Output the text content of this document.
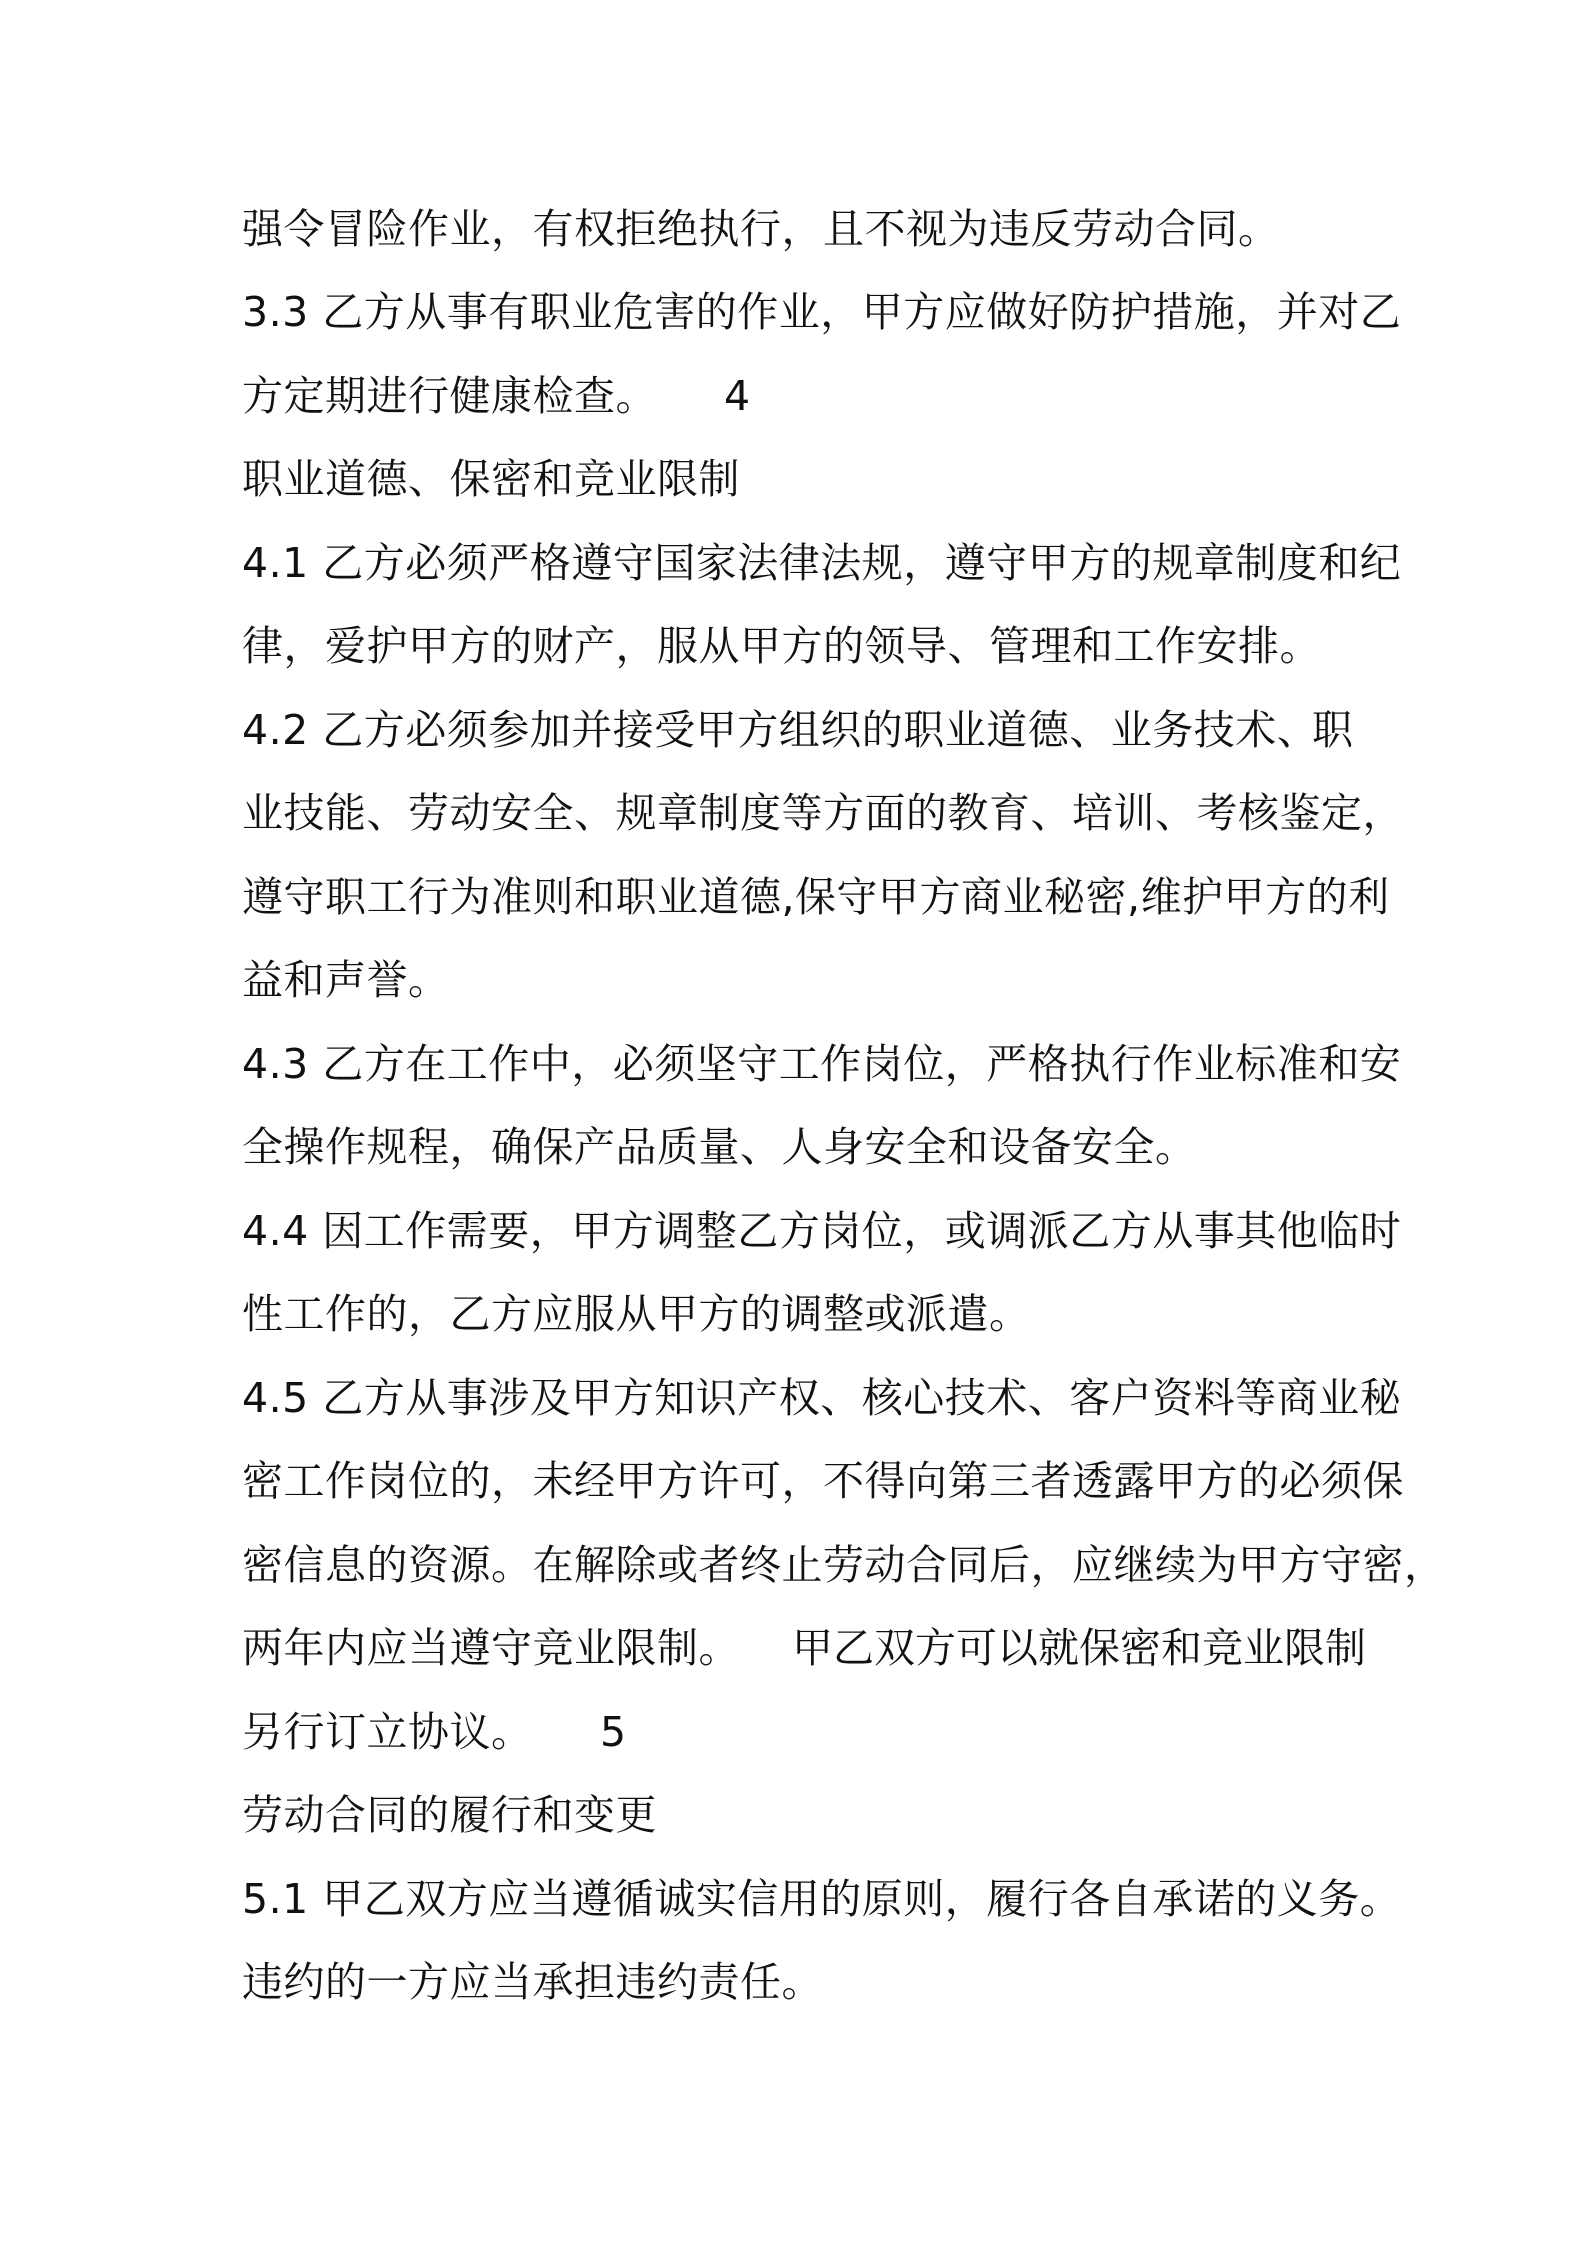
强令冒险作业，有权拒绝执行，且不视为违反劳动合同。
3.3 乙方从事有职业危害的作业，甲方应做好防护措施，并对乙
方定期进行健康检查。	4
职业道德、保密和竞业限制
4.1 乙方必须严格遵守国家法律法规，遵守甲方的规章制度和纪
律，爱护甲方的财产，服从甲方的领导、管理和工作安排。
4.2 乙方必须参加并接受甲方组织的职业道德、业务技术、
职
业技能、劳动安全、规章制度等方面的教育、培训、考核鉴定，
遵守职工行为准则和职业道德,保守甲方商业秘密,维护甲方的利
益和声誉。
4.3 乙方在工作中，必须坚守工作岗位，严格执行作业标准和安
全操作规程，确保产品质量、人身安全和设备安全。
4.4 因工作需要，甲方调整乙方岗位，或调派乙方从事其他临时
性工作的，乙方应服从甲方的调整或派遣。
4.5 乙方从事涉及甲方知识产权、核心技术、客户资料等商业秘
密工作岗位的，未经甲方许可，不得向第三者透露甲方的必须保
密信息的资源。在解除或者终止劳动合同后，应继续为甲方守密，
两年内应当遵守竞业限制。	甲乙双方可以就保密和竞业限制
另行订立协议。	5
劳动合同的履行和变更
5.1 甲乙双方应当遵循诚实信用的原则，履行各自承诺的义务。
违约的一方应当承担违约责任。
